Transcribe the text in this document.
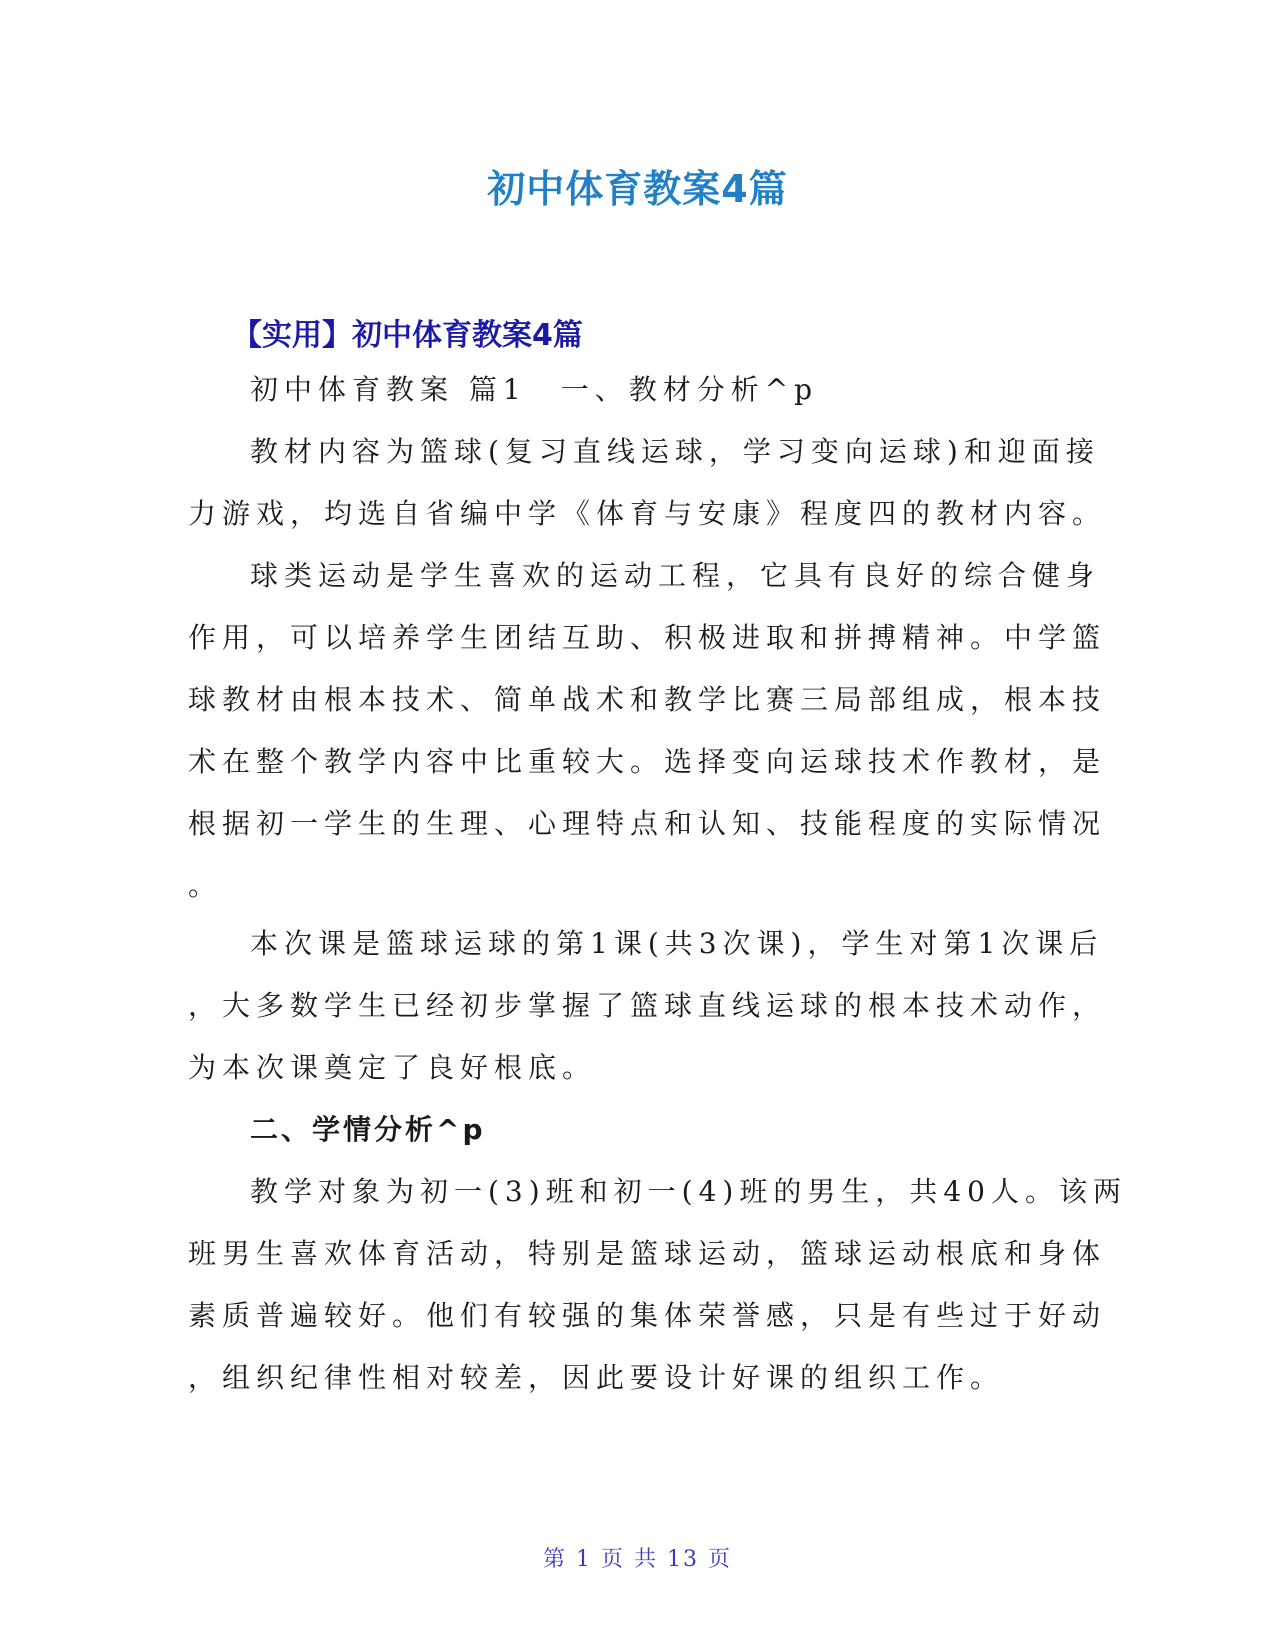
初中体育教案4篇
【实用】初中体育教案4篇
初中体育教案 篇1　一、教材分析^p
教材内容为篮球(复习直线运球，学习变向运球)和迎面接
力游戏，均选自省编中学《体育与安康》程度四的教材内容。
球类运动是学生喜欢的运动工程，它具有良好的综合健身
作用，可以培养学生团结互助、积极进取和拼搏精神。中学篮
球教材由根本技术、简单战术和教学比赛三局部组成，根本技
术在整个教学内容中比重较大。选择变向运球技术作教材，是
根据初一学生的生理、心理特点和认知、技能程度的实际情况
。
本次课是篮球运球的第1课(共3次课)，学生对第1次课后
，大多数学生已经初步掌握了篮球直线运球的根本技术动作，
为本次课奠定了良好根底。
二、学情分析^p
教学对象为初一(3)班和初一(4)班的男生，共40人。该两
班男生喜欢体育活动，特别是篮球运动，篮球运动根底和身体
素质普遍较好。他们有较强的集体荣誉感，只是有些过于好动
，组织纪律性相对较差，因此要设计好课的组织工作。
第 1 页 共 13 页
